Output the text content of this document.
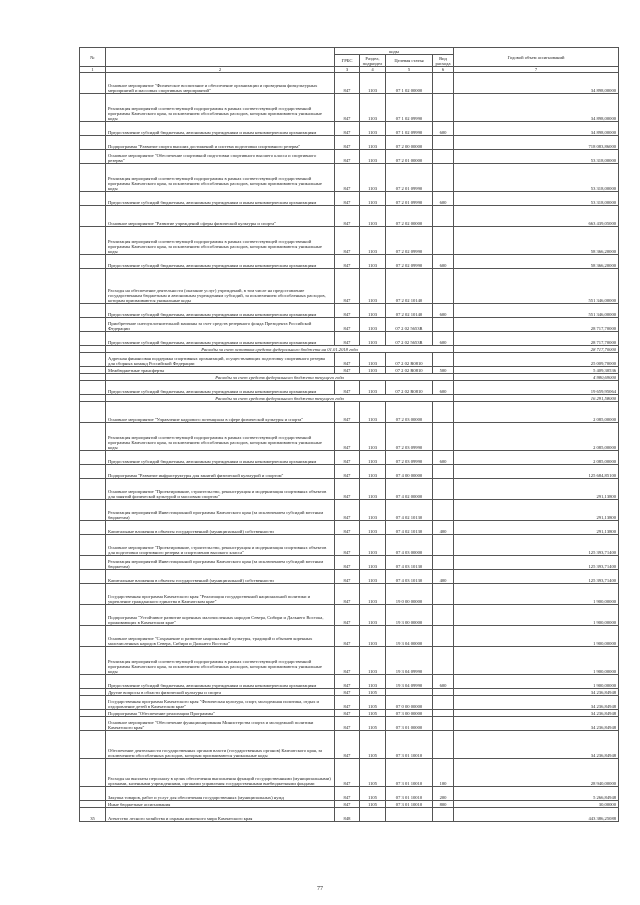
№		коды				Годовой объем ассигнований
		ГРБС	Раздел, подраздел	Целевая статья	Вид расхода	
1	2	3	4	5	6	7
	Основное мероприятие "Физическое воспитание и обеспечение организации и проведения физкультурных мероприятий и массовых спортивных мероприятий"	847	1103	07 1 02 00000		34 898,00000
	Реализация мероприятий соответствующей подпрограммы в рамках соответствующей государственной программы Камчатского края, за исключением обособленных расходов, которым присваиваются уникальные коды	847	1103	07 1 02 09990		34 898,00000
	Предоставление субсидий бюджетным, автономным учреждениям и иным некоммерческим организациям	847	1103	07 1 02 09990	600	34 898,00000
	Подпрограмма "Развитие спорта высших достижений и система подготовки спортивного резерва"	847	1103	07 2 00 00000		718 083,86000
	Основное мероприятие "Обеспечение спортивной подготовки спортивного высшего класса и спортивного резерва"	847	1103	07 2 01 00000		53 318,00000
	Реализация мероприятий соответствующей подпрограммы в рамках соответствующей государственной программы Камчатского края, за исключением обособленных расходов, которым присваиваются уникальные коды	847	1103	07 2 01 09990		53 318,00000
	Предоставление субсидий бюджетным, автономным учреждениям и иным некоммерческим организациям	847	1103	07 2 01 09990	600	53 318,00000
	Основное мероприятие "Развитие учреждений сферы физической культуры и спорта"	847	1103	07 2 02 00000		663 439,05000
	Реализация мероприятий соответствующей подпрограммы в рамках соответствующей государственной программы Камчатского края, за исключением обособленных расходов, которым присваиваются уникальные коды	847	1103	07 2 02 09990		58 366,20000
	Предоставление субсидий бюджетным, автономным учреждениям и иным некоммерческим организациям	847	1103	07 2 02 09990	600	58 366,20000
	Расходы на обеспечение деятельности (оказание услуг) учреждений, в том числе на предоставление государственным бюджетным и автономным учреждениям субсидий, за исключением обособленных расходов, которым присваиваются уникальные коды	847	1103	07 2 02 10140		551 346,00000
	Предоставление субсидий бюджетным, автономным учреждениям и иным некоммерческим организациям	847	1103	07 2 02 10140	600	551 346,00000
	Приобретение снегоуплотнительной машины за счет средств резервного фонда Президента Российской Федерации	847	1103	07 2 02 5653R		28 717,70000
	Предоставление субсидий бюджетным, автономным учреждениям и иным некоммерческим организациям	847	1103	07 2 02 5653R	600	28 717,70000
	Расходы за счет остатков средств федерального бюджета на 01.01.2018 года					28 717,70000
	Адресная финансовая поддержка спортивных организаций, осуществляющих подготовку спортивного резерва для сборных команд Российской Федерации	847	1103	07 2 02 R0810		25 009,70000
	Межбюджетные трансферты	847	1103	07 2 02 R0810	500	5 409,30536
	Расходы за счет средств федерального бюджета текущего года					4 980,69000
	Предоставление субсидий бюджетным, автономным учреждениям и иным некоммерческим организациям	847	1103	07 2 02 R0810	600	19 659,95064
	Расходы за счет средств федерального бюджета текущего года					16 291,58000
	Основное мероприятие "Управление кадрового потенциала в сфере физической культуры и спорта"	847	1103	07 2 03 00000		2 085,00000
	Реализация мероприятий соответствующей подпрограммы в рамках соответствующей государственной программы Камчатского края, за исключением обособленных расходов, которым присваиваются уникальные коды	847	1103	07 2 03 09990		2 085,00000
	Предоставление субсидий бюджетным, автономным учреждениям и иным некоммерческим организациям	847	1103	07 2 03 09990	600	2 085,00000
	Подпрограмма "Развитие инфраструктуры для занятий физической культурой и спортом"	847	1103	07 4 00 00000		125 684,85100
	Основное мероприятие "Проектирование, строительство, реконструкция и модернизация спортивных объектов для занятий физической культурой и массовым спортом"	847	1103	07 4 02 00000		291,13800
	Реализация мероприятий Инвестиционной программы Камчатского края (за исключением субсидий местным бюджетам)	847	1103	07 4 02 10130		291,13800
	Капитальные вложения в объекты государственной (муниципальной) собственности	847	1103	07 4 02 10130	400	291,13800
	Основное мероприятие "Проектирование, строительство, реконструкция и модернизация спортивных объектов для подготовки спортивного резерва и спортсменов высокого класса"	847	1103	07 4 03 00000		125 393,71400
	Реализация мероприятий Инвестиционной программы Камчатского края (за исключением субсидий местным бюджетам)	847	1103	07 4 03 10130		125 393,71400
	Капитальные вложения в объекты государственной (муниципальной) собственности	847	1103	07 4 03 10130	400	125 393,71400
	Государственная программа Камчатского края "Реализация государственной национальной политики и укрепление гражданского единства в Камчатском крае"	847	1103	19 0 00 00000		1 900,00000
	Подпрограмма "Устойчивое развитие коренных малочисленных народов Севера, Сибири и Дальнего Востока, проживающих в Камчатском крае"	847	1103	19 3 00 00000		1 900,00000
	Основное мероприятие "Сохранение и развитие национальной культуры, традиций и обычаев коренных малочисленных народов Севера, Сибири и Дальнего Востока"	847	1103	19 3 04 00000		1 900,00000
	Реализация мероприятий соответствующей подпрограммы в рамках соответствующей государственной программы Камчатского края, за исключением обособленных расходов, которым присваиваются уникальные коды	847	1103	19 3 04 09990		1 900,00000
	Предоставление субсидий бюджетным, автономным учреждениям и иным некоммерческим организациям	847	1103	19 3 04 09990	600	1 900,00000
	Другие вопросы в области физической культуры и спорта	847	1105			34 236,84948
	Государственная программа Камчатского края "Физическая культура, спорт, молодежная политика, отдых и оздоровление детей в Камчатском крае"	847	1105	07 0 00 00000		34 236,84948
	Подпрограмма "Обеспечение реализации Программы"	847	1105	07 3 00 00000		34 236,84948
	Основное мероприятие "Обеспечение функционирования Министерства спорта и молодежной политики Камчатского края"	847	1105	07 3 01 00000		34 236,84948
	Обеспечение деятельности государственных органов власти (государственных органов) Камчатского края, за исключением обособленных расходов, которым присваиваются уникальные коды	847	1105	07 3 01 10010		34 236,84948
	Расходы на выплаты персоналу в целях обеспечения выполнения функций государственными (муниципальными) органами, казенными учреждениями, органами управления государственными внебюджетными фондами	847	1105	07 3 01 10010	100	28 940,00000
	Закупка товаров, работ и услуг для обеспечения государственных (муниципальных) нужд	847	1105	07 3 01 10010	200	5 266,84948
	Иные бюджетные ассигнования	847	1105	07 3 01 10010	800	30,00000
35	Агентство лесного хозяйства и охраны животного мира Камчатского края	848				443 386,25088
77
